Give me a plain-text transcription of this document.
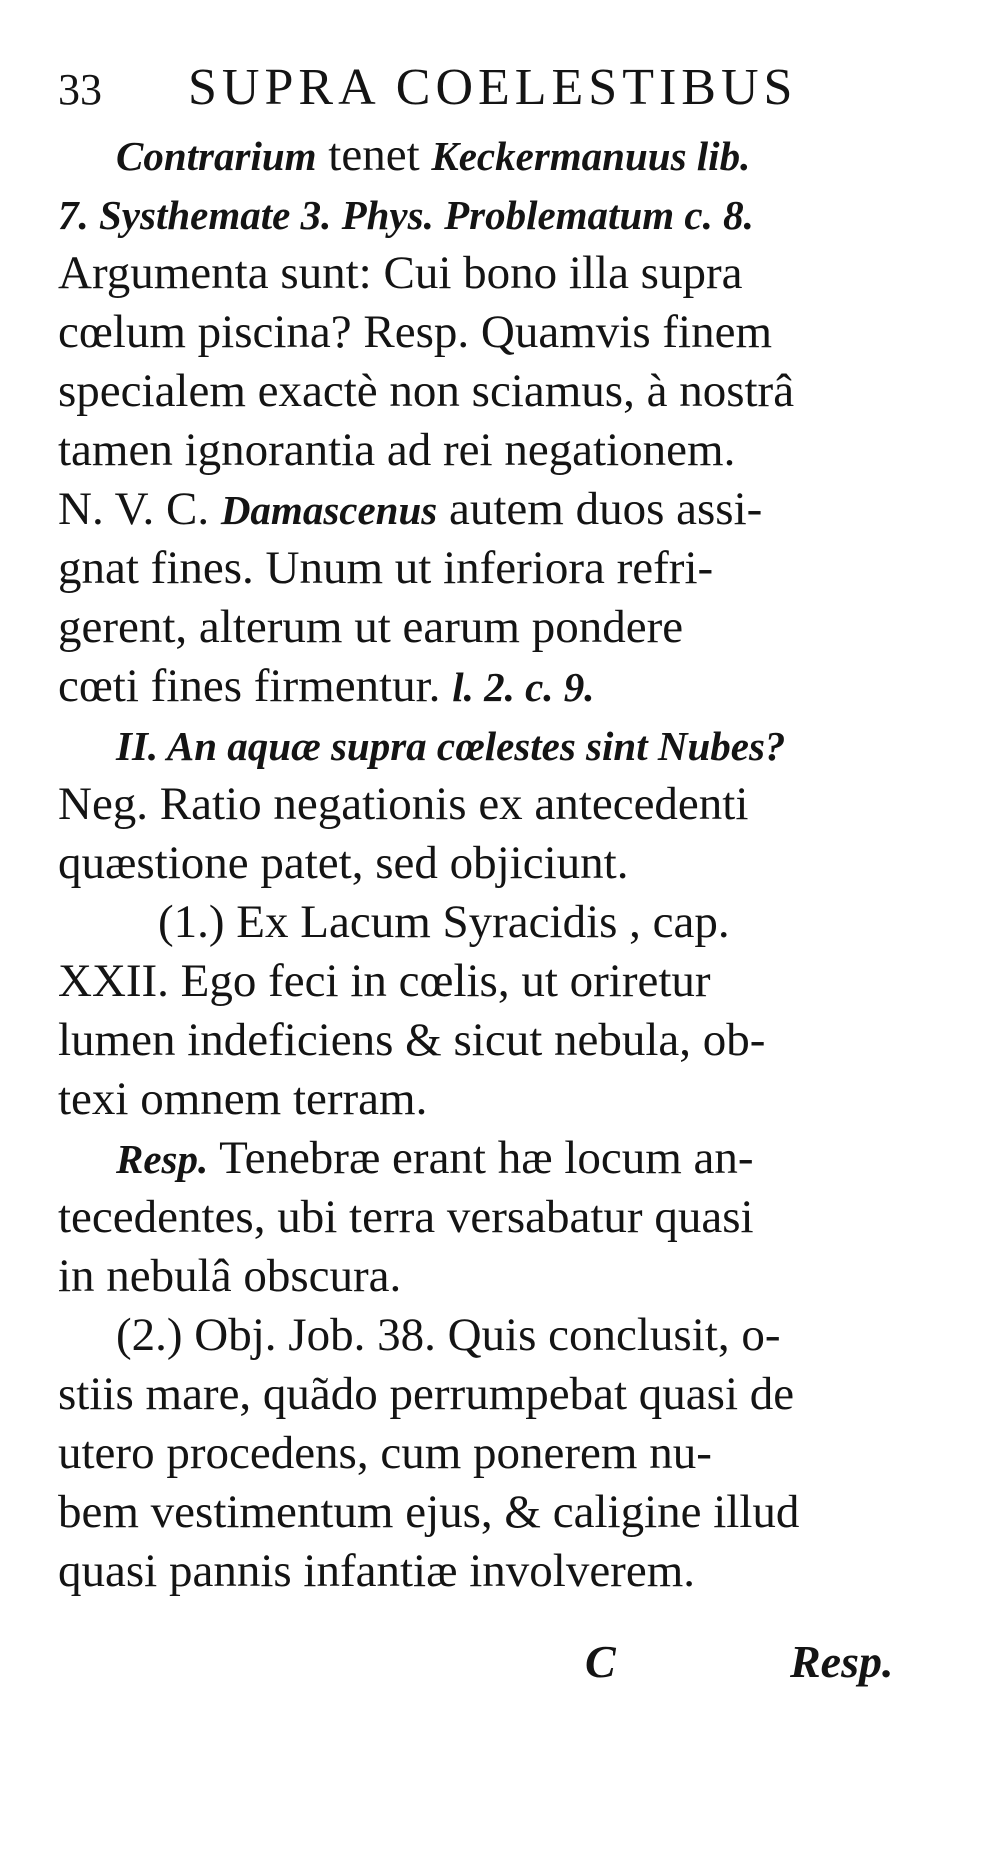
33 SUPRA COELESTIBUS
Contrarium tenet Keckermanuus lib.
7. Systhemate 3. Phys. Problematum c. 8.
Argumenta sunt: Cui bono illa supra
cœlum piscina? Resp. Quamvis finem
specialem exactè non sciamus, à nostrâ
tamen ignorantia ad rei negationem.
N. V. C. Damascenus autem duos assi-
gnat fines. Unum ut inferiora refri-
gerent, alterum ut earum pondere
cœti fines firmentur. l. 2. c. 9.
II. An aquæ supra cœlestes sint Nubes?
Neg. Ratio negationis ex antecedenti
quæstione patet, sed objiciunt.
(1.) Ex Lacum Syracidis , cap.
XXII. Ego feci in cœlis, ut oriretur
lumen indeficiens & sicut nebula, ob-
texi omnem terram.
Resp. Tenebræ erant hæ locum an-
tecedentes, ubi terra versabatur quasi
in nebulâ obscura.
(2.) Obj. Job. 38. Quis conclusit, o-
stiis mare, quãdo perrumpebat quasi de
utero procedens, cum ponerem nu-
bem vestimentum ejus, & caligine illud
quasi pannis infantiæ involverem.
C	Resp.
